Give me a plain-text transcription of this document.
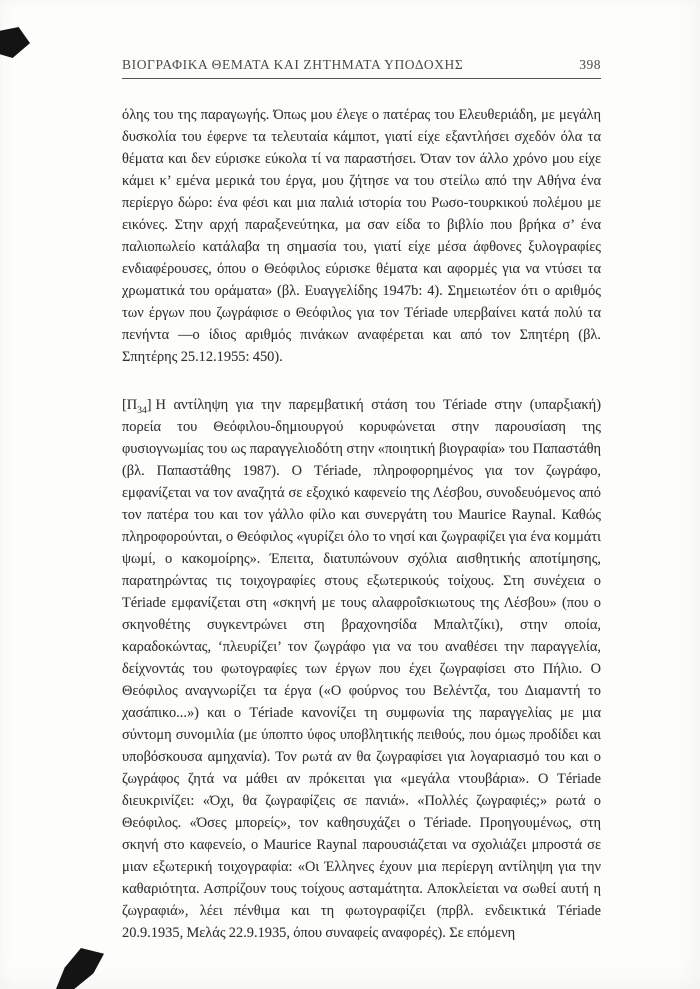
ΒΙΟΓΡΑΦΙΚΑ ΘΕΜΑΤΑ ΚΑΙ ΖΗΤΗΜΑΤΑ ΥΠΟΔΟΧΗΣ	398

όλης του της παραγωγής. Όπως μου έλεγε ο πατέρας του Ελευθεριάδη, με μεγάλη δυσκολία του έφερνε τα τελευταία κάμποτ, γιατί είχε εξαντλήσει σχεδόν όλα τα θέματα και δεν εύρισκε εύκολα τί να παραστήσει. Όταν τον άλλο χρόνο μου είχε κάμει κ’ εμένα μερικά του έργα, μου ζήτησε να του στείλω από την Αθήνα ένα περίεργο δώρο: ένα φέσι και μια παλιά ιστορία του Ρωσο-τουρκικού πολέμου με εικόνες. Στην αρχή παραξενεύτηκα, μα σαν είδα το βιβλίο που βρήκα σ’ ένα παλιοπωλείο κατάλαβα τη σημασία του, γιατί είχε μέσα άφθονες ξυλογραφίες ενδιαφέρουσες, όπου ο Θεόφιλος εύρισκε θέματα και αφορμές για να ντύσει τα χρωματικά του οράματα» (βλ. Ευαγγελίδης 1947b: 4). Σημειωτέον ότι ο αριθμός των έργων που ζωγράφισε ο Θεόφιλος για τον Tériade υπερβαίνει κατά πολύ τα πενήντα —ο ίδιος αριθμός πινάκων αναφέρεται και από τον Σπητέρη (βλ. Σπητέρης 25.12.1955: 450).

$[\Pi_{34}]$ Η αντίληψη για την παρεμβατική στάση του Tériade στην (υπαρξιακή) πορεία του Θεόφιλου-δημιουργού κορυφώνεται στην παρουσίαση της φυσιογνωμίας του ως παραγγελιοδότη στην «ποιητική βιογραφία» του Παπαστάθη (βλ. Παπαστάθης 1987). Ο Tériade, πληροφορημένος για τον ζωγράφο, εμφανίζεται να τον αναζητά σε εξοχικό καφενείο της Λέσβου, συνοδευόμενος από τον πατέρα του και τον γάλλο φίλο και συνεργάτη του Maurice Raynal. Καθώς πληροφορούνται, ο Θεόφιλος «γυρίζει όλο το νησί και ζωγραφίζει για ένα κομμάτι ψωμί, ο κακομοίρης». Έπειτα, διατυπώνουν σχόλια αισθητικής αποτίμησης, παρατηρώντας τις τοιχογραφίες στους εξωτερικούς τοίχους. Στη συνέχεια ο Tériade εμφανίζεται στη «σκηνή με τους αλαφροΐσκιωτους της Λέσβου» (που ο σκηνοθέτης συγκεντρώνει στη βραχονησίδα Μπαλτζίκι), στην οποία, καραδοκώντας, ‘πλευρίζει’ τον ζωγράφο για να του αναθέσει την παραγγελία, δείχνοντάς του φωτογραφίες των έργων που έχει ζωγραφίσει στο Πήλιο. Ο Θεόφιλος αναγνωρίζει τα έργα («Ο φούρνος του Βελέντζα, του Διαμαντή το χασάπικο...») και ο Tériade κανονίζει τη συμφωνία της παραγγελίας με μια σύντομη συνομιλία (με ύποπτο ύφος υποβλητικής πειθούς, που όμως προδίδει και υποβόσκουσα αμηχανία). Τον ρωτά αν θα ζωγραφίσει για λογαριασμό του και ο ζωγράφος ζητά να μάθει αν πρόκειται για «μεγάλα ντουβάρια». Ο Tériade διευκρινίζει: «Όχι, θα ζωγραφίζεις σε πανιά». «Πολλές ζωγραφιές;» ρωτά ο Θεόφιλος. «Όσες μπορείς», τον καθησυχάζει ο Tériade. Προηγουμένως, στη σκηνή στο καφενείο, ο Maurice Raynal παρουσιάζεται να σχολιάζει μπροστά σε μιαν εξωτερική τοιχογραφία: «Οι Έλληνες έχουν μια περίεργη αντίληψη για την καθαριότητα. Ασπρίζουν τους τοίχους ασταμάτητα. Αποκλείεται να σωθεί αυτή η ζωγραφιά», λέει πένθιμα και τη φωτογραφίζει (πρβλ. ενδεικτικά Tériade 20.9.1935, Μελάς 22.9.1935, όπου συναφείς αναφορές). Σε επόμενη
